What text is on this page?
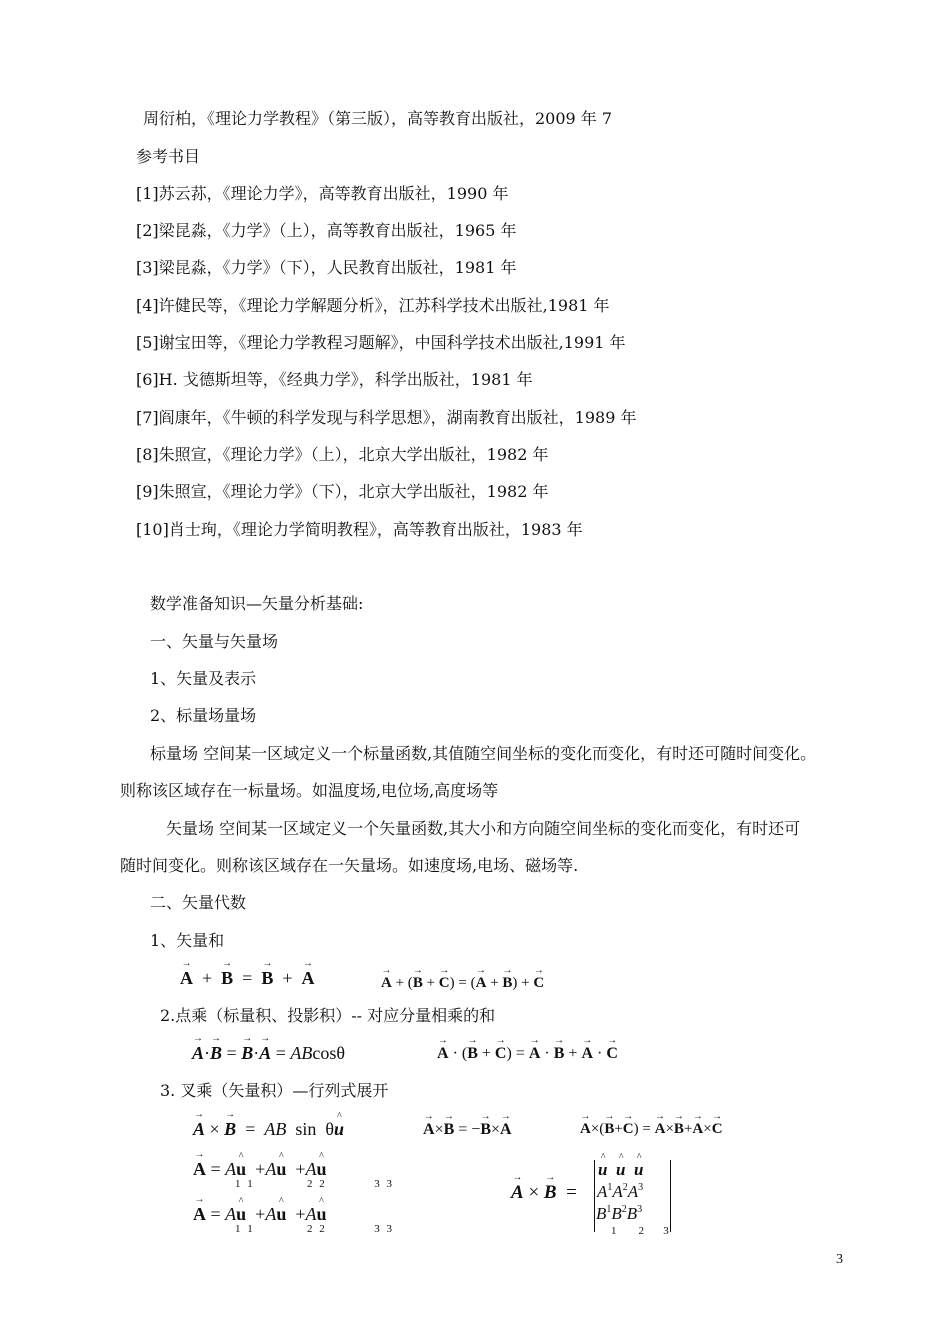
周衍柏，《理论力学教程》（第三版），高等教育出版社，2009 年 7
参考书目
[1]苏云荪，《理论力学》，高等教育出版社，1990 年
[2]梁昆淼，《力学》（上），高等教育出版社，1965 年
[3]梁昆淼，《力学》（下），人民教育出版社，1981 年
[4]许健民等，《理论力学解题分析》，江苏科学技术出版社,1981 年
[5]谢宝田等，《理论力学教程习题解》，中国科学技术出版社,1991 年
[6]H. 戈德斯坦等，《经典力学》，科学出版社，1981 年
[7]阎康年，《牛顿的科学发现与科学思想》，湖南教育出版社，1989 年
[8]朱照宣，《理论力学》（上），北京大学出版社，1982 年
[9]朱照宣，《理论力学》（下），北京大学出版社，1982 年
[10]肖士珣，《理论力学简明教程》，高等教育出版社，1983 年
数学准备知识—矢量分析基础:
一、矢量与矢量场
1、矢量及表示
2、标量场量场
标量场 空间某一区域定义一个标量函数,其值随空间坐标的变化而变化，有时还可随时间变化。
则称该区域存在一标量场。如温度场,电位场,高度场等
矢量场 空间某一区域定义一个矢量函数,其大小和方向随空间坐标的变化而变化，有时还可
随时间变化。则称该区域存在一矢量场。如速度场,电场、磁场等.
二、矢量代数
1、矢量和
→ A  +  → B  =  → B  +  → A	→ A + (→ B + → C) = (→ A + → B) + → C
2.点乘（标量积、投影积）-- 对应分量相乘的和
→ A·→ B = → B·→ A = ABcosθ	→ A · (→ B + → C) = → A · → B + → A · → C
3. 叉乘（矢量积）—行列式展开
→ A × → B  =  AB  sin  θ^ u	→ A×→ B = −→ B×→ A	→ A×(→ B+→ C) = → A×→ B+→ A×→ C
→ A = A^ u  +A^ u  +A^ u
1 1           2 2          3 3
→ A = A^ u  +A^ u  +A^ u
1 1           2 2          3 3
→ A × → B  =
^ u ^ u ^ u
$A^1A^2A^3$
$B^1B^2B^3$
1        2       3
3
